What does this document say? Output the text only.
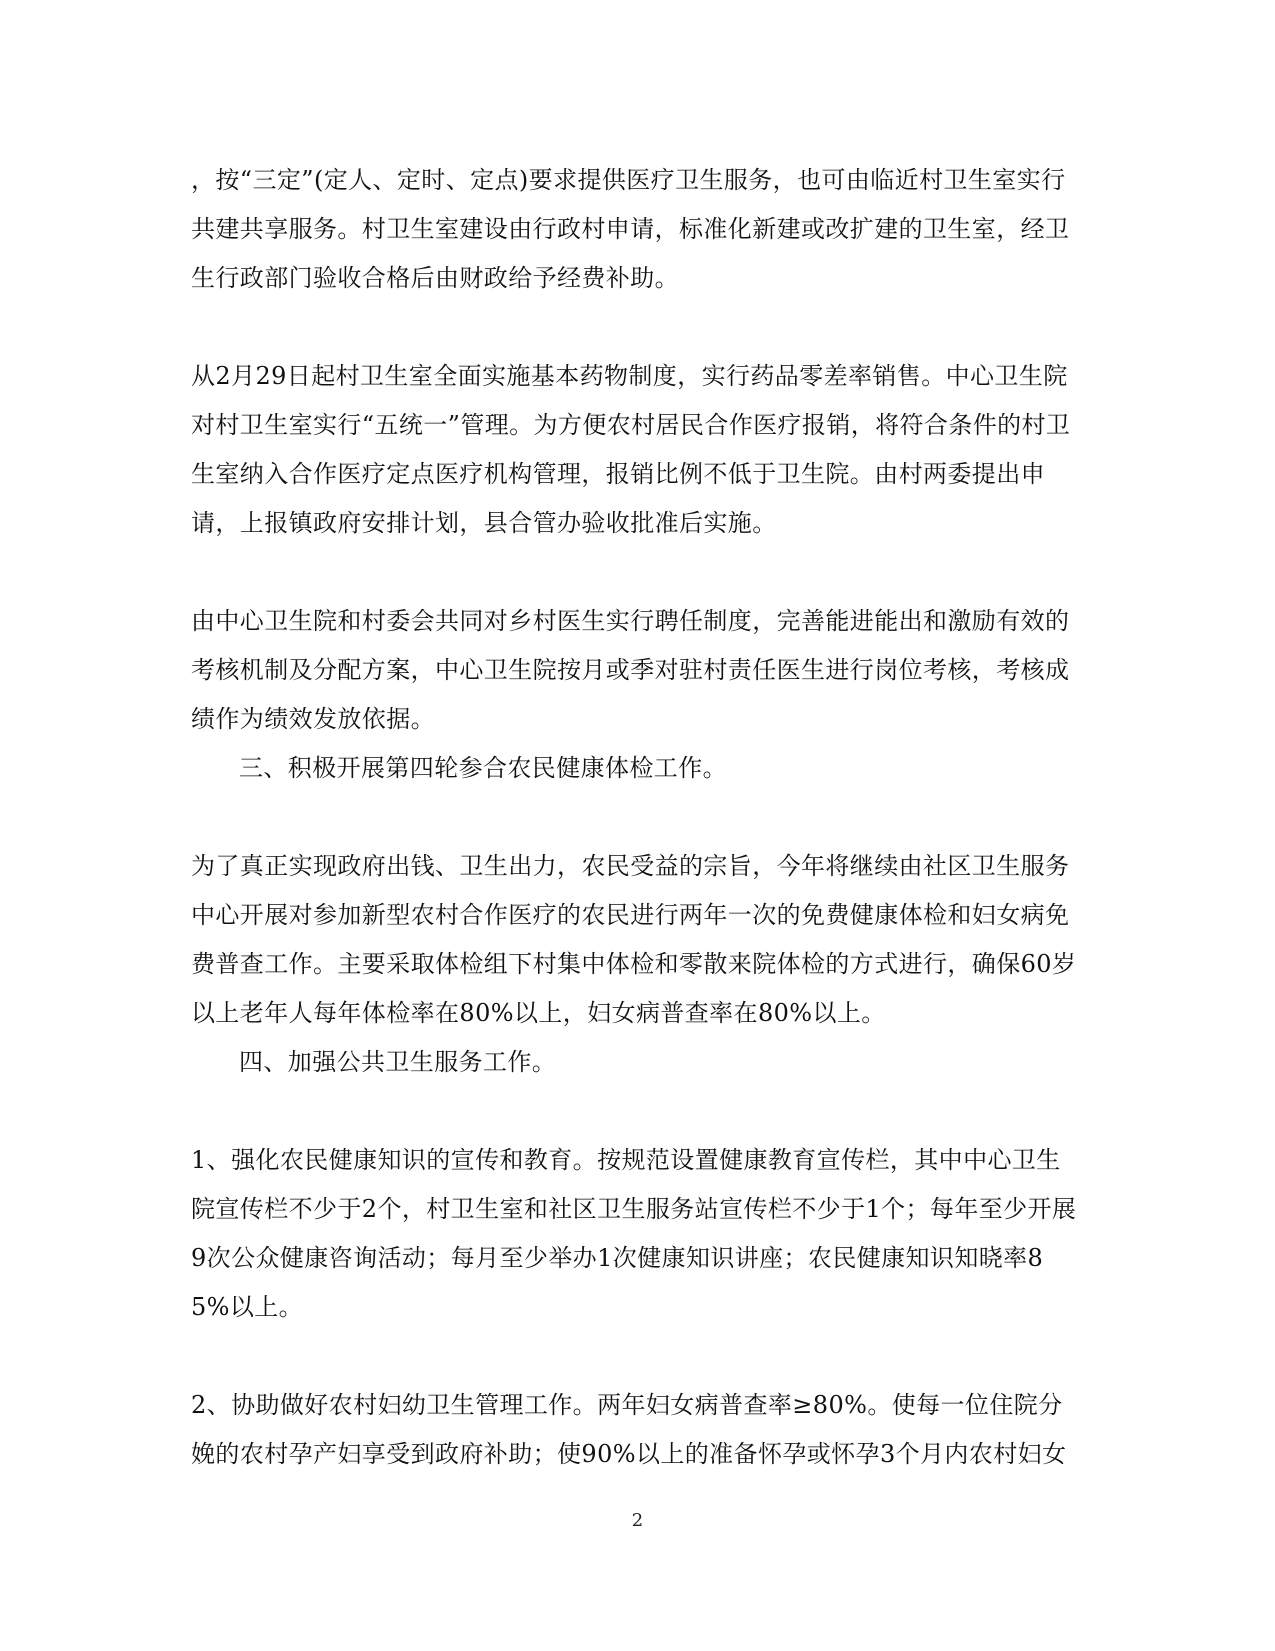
，按“三定”(定人、定时、定点)要求提供医疗卫生服务，也可由临近村卫生室实行共建共享服务。村卫生室建设由行政村申请，标准化新建或改扩建的卫生室，经卫生行政部门验收合格后由财政给予经费补助。

从2月29日起村卫生室全面实施基本药物制度，实行药品零差率销售。中心卫生院对村卫生室实行“五统一”管理。为方便农村居民合作医疗报销，将符合条件的村卫生室纳入合作医疗定点医疗机构管理，报销比例不低于卫生院。由村两委提出申请，上报镇政府安排计划，县合管办验收批准后实施。

由中心卫生院和村委会共同对乡村医生实行聘任制度，完善能进能出和激励有效的考核机制及分配方案，中心卫生院按月或季对驻村责任医生进行岗位考核，考核成绩作为绩效发放依据。

三、积极开展第四轮参合农民健康体检工作。

为了真正实现政府出钱、卫生出力，农民受益的宗旨，今年将继续由社区卫生服务中心开展对参加新型农村合作医疗的农民进行两年一次的免费健康体检和妇女病免费普查工作。主要采取体检组下村集中体检和零散来院体检的方式进行，确保60岁以上老年人每年体检率在80%以上，妇女病普查率在80%以上。

四、加强公共卫生服务工作。

1、强化农民健康知识的宣传和教育。按规范设置健康教育宣传栏，其中中心卫生院宣传栏不少于2个，村卫生室和社区卫生服务站宣传栏不少于1个；每年至少开展9次公众健康咨询活动；每月至少举办1次健康知识讲座；农民健康知识知晓率85%以上。

2、协助做好农村妇幼卫生管理工作。两年妇女病普查率≥80%。使每一位住院分娩的农村孕产妇享受到政府补助；使90%以上的准备怀孕或怀孕3个月内农村妇女

2
